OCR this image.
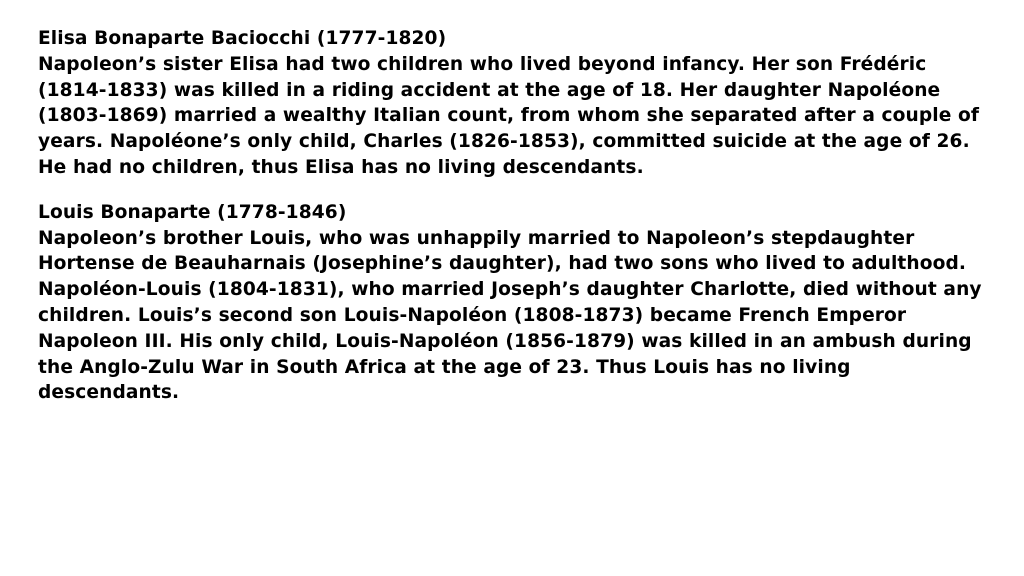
Elisa Bonaparte Baciocchi (1777-1820)
Napoleon’s sister Elisa had two children who lived beyond infancy. Her son Frédéric (1814-1833) was killed in a riding accident at the age of 18. Her daughter Napoléone (1803-1869) married a wealthy Italian count, from whom she separated after a couple of years. Napoléone’s only child, Charles (1826-1853), committed suicide at the age of 26. He had no children, thus Elisa has no living descendants.
Louis Bonaparte (1778-1846)
Napoleon’s brother Louis, who was unhappily married to Napoleon’s stepdaughter Hortense de Beauharnais (Josephine’s daughter), had two sons who lived to adulthood. Napoléon-Louis (1804-1831), who married Joseph’s daughter Charlotte, died without any children. Louis’s second son Louis-Napoléon (1808-1873) became French Emperor Napoleon III. His only child, Louis-Napoléon (1856-1879) was killed in an ambush during the Anglo-Zulu War in South Africa at the age of 23. Thus Louis has no living descendants.
